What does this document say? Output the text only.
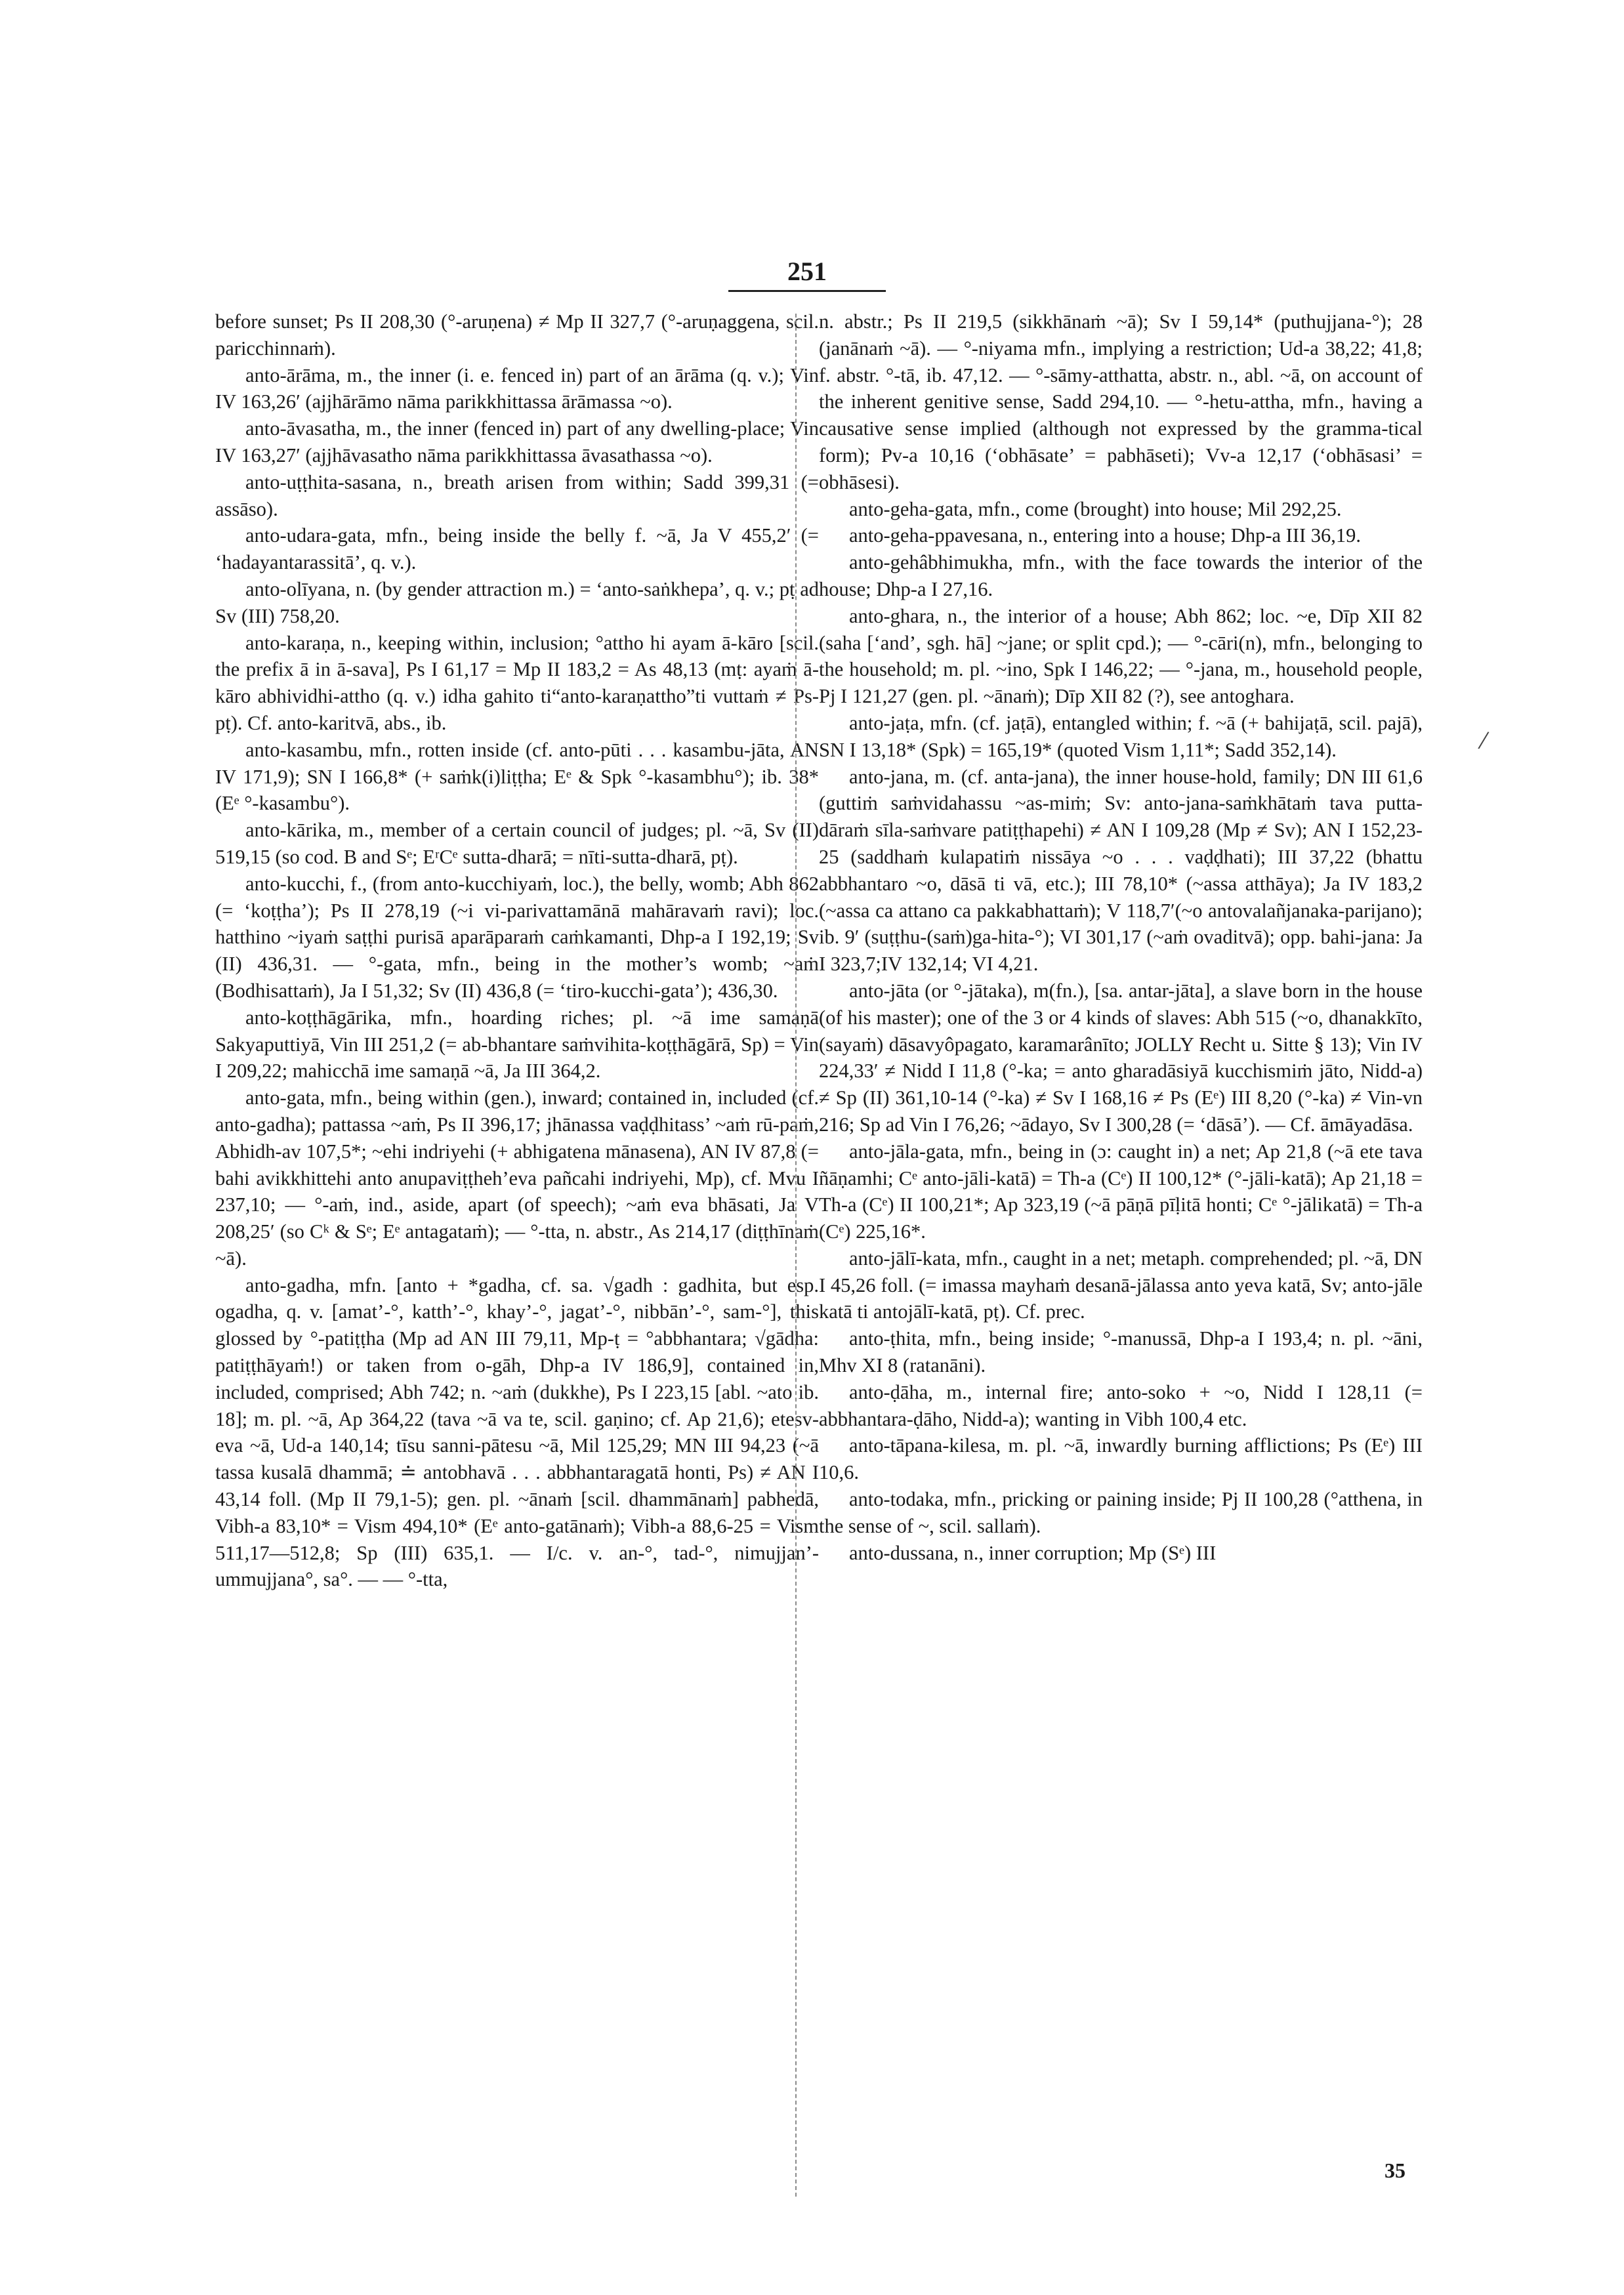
251

before sunset; Ps II 208,30 (°-aruṇena) ≠ Mp II 327,7 (°-aruṇaggena, scil. paricchinnaṁ).

anto-ārāma, m., the inner (i. e. fenced in) part of an ārāma (q. v.); Vin IV 163,26′ (ajjhārāmo nāma parikkhittassa ārāmassa ~o).

anto-āvasatha, m., the inner (fenced in) part of any dwelling-place; Vin IV 163,27′ (ajjhāvasatho nāma parikkhittassa āvasathassa ~o).

anto-uṭṭhita-sasana, n., breath arisen from within; Sadd 399,31 (= assāso).

anto-udara-gata, mfn., being inside the belly f. ~ā, Ja V 455,2′ (= ‘hadayantarassitā’, q. v.).

anto-olīyana, n. (by gender attraction m.) = ‘anto-saṅkhepa’, q. v.; pṭ ad Sv (III) 758,20.

anto-karaṇa, n., keeping within, inclusion; °attho hi ayam ā-kāro [scil. the prefix ā in ā-sava], Ps I 61,17 = Mp II 183,2 = As 48,13 (mṭ: ayaṁ ā-kāro abhividhi-attho (q. v.) idha gahito ti“anto-karaṇattho”ti vuttaṁ ≠ Ps-pṭ). Cf. anto-karitvā, abs., ib.

anto-kasambu, mfn., rotten inside (cf. anto-pūti . . . kasambu-jāta, AN IV 171,9); SN I 166,8* (+ saṁk(i)liṭṭha; Eᵉ & Spk °-kasambhu°); ib. 38* (Eᵉ °-kasambu°).

anto-kārika, m., member of a certain council of judges; pl. ~ā, Sv (II) 519,15 (so cod. B and Sᵉ; EʳCᵉ sutta-dharā; = nīti-sutta-dharā, pṭ).

anto-kucchi, f., (from anto-kucchiyaṁ, loc.), the belly, womb; Abh 862 (= ‘koṭṭha’); Ps II 278,19 (~i vi-parivattamānā mahāravaṁ ravi); loc. hatthino ~iyaṁ saṭṭhi purisā aparāparaṁ caṁkamanti, Dhp-a I 192,19; Sv (II) 436,31. — °-gata, mfn., being in the mother’s womb; ~aṁ (Bodhisattaṁ), Ja I 51,32; Sv (II) 436,8 (= ‘tiro-kucchi-gata’); 436,30.

anto-koṭṭhāgārika, mfn., hoarding riches; pl. ~ā ime samaṇā Sakyaputtiyā, Vin III 251,2 (= ab-bhantare saṁvihita-koṭṭhāgārā, Sp) = Vin I 209,22; mahicchā ime samaṇā ~ā, Ja III 364,2.

anto-gata, mfn., being within (gen.), inward; contained in, included (cf. anto-gadha); pattassa ~aṁ, Ps II 396,17; jhānassa vaḍḍhitass’ ~aṁ rū-paṁ, Abhidh-av 107,5*; ~ehi indriyehi (+ abhigatena mānasena), AN IV 87,8 (= bahi avikkhittehi anto anupaviṭṭheh’eva pañcahi indriyehi, Mp), cf. Mvu I 237,10; — °-aṁ, ind., aside, apart (of speech); ~aṁ eva bhāsati, Ja V 208,25′ (so Cᵏ & Sᵉ; Eᵉ antagataṁ); — °-tta, n. abstr., As 214,17 (diṭṭhīnaṁ ~ā).

anto-gadha, mfn. [anto + *gadha, cf. sa. √gadh : gadhita, but esp. ogadha, q. v. [amat’-°, katth’-°, khay’-°, jagat’-°, nibbān’-°, sam-°], this glossed by °-patiṭṭha (Mp ad AN III 79,11, Mp-ṭ = °abbhantara; √gādha: patiṭṭhāyaṁ!) or taken from o-gāh, Dhp-a IV 186,9], contained in, included, comprised; Abh 742; n. ~aṁ (dukkhe), Ps I 223,15 [abl. ~ato ib. 18]; m. pl. ~ā, Ap 364,22 (tava ~ā va te, scil. gaṇino; cf. Ap 21,6); etesv-eva ~ā, Ud-a 140,14; tīsu sanni-pātesu ~ā, Mil 125,29; MN III 94,23 (~ā tassa kusalā dhammā; ≐ antobhavā . . . abbhantaragatā honti, Ps) ≠ AN I 43,14 foll. (Mp II 79,1-5); gen. pl. ~ānaṁ [scil. dhammānaṁ] pabhedā, Vibh-a 83,10* = Vism 494,10* (Eᵉ anto-gatānaṁ); Vibh-a 88,6-25 = Vism 511,17—512,8; Sp (III) 635,1. — I/c. v. an-°, tad-°, nimujjan’-ummujjana°, sa°. — — °-tta,

n. abstr.; Ps II 219,5 (sikkhānaṁ ~ā); Sv I 59,14* (puthujjana-°); 28 (janānaṁ ~ā). — °-niyama mfn., implying a restriction; Ud-a 38,22; 41,8; f. abstr. °-tā, ib. 47,12. — °-sāmy-atthatta, abstr. n., abl. ~ā, on account of the inherent genitive sense, Sadd 294,10. — °-hetu-attha, mfn., having a causative sense implied (although not expressed by the gramma-tical form); Pv-a 10,16 (‘obhāsate’ = pabhāseti); Vv-a 12,17 (‘obhāsasi’ = obhāsesi).

anto-geha-gata, mfn., come (brought) into house; Mil 292,25.

anto-geha-ppavesana, n., entering into a house; Dhp-a III 36,19.

anto-gehâbhimukha, mfn., with the face towards the interior of the house; Dhp-a I 27,16.

anto-ghara, n., the interior of a house; Abh 862; loc. ~e, Dīp XII 82 (saha [‘and’, sgh. hā] ~jane; or split cpd.); — °-cāri(n), mfn., belonging to the household; m. pl. ~ino, Spk I 146,22; — °-jana, m., household people, Pj I 121,27 (gen. pl. ~ānaṁ); Dīp XII 82 (?), see antoghara.

anto-jaṭa, mfn. (cf. jaṭā), entangled within; f. ~ā (+ bahijaṭā, scil. pajā), SN I 13,18* (Spk) = 165,19* (quoted Vism 1,11*; Sadd 352,14).

anto-jana, m. (cf. anta-jana), the inner house-hold, family; DN III 61,6 (guttiṁ saṁvidahassu ~as-miṁ; Sv: anto-jana-saṁkhātaṁ tava putta-dāraṁ sīla-saṁvare patiṭṭhapehi) ≠ AN I 109,28 (Mp ≠ Sv); AN I 152,23-25 (saddhaṁ kulapatiṁ nissāya ~o . . . vaḍḍhati); III 37,22 (bhattu abbhantaro ~o, dāsā ti vā, etc.); III 78,10* (~assa atthāya); Ja IV 183,2 (~assa ca attano ca pakkabhattaṁ); V 118,7′(~o antovalañjanaka-parijano); ib. 9′ (suṭṭhu-(saṁ)ga-hita-°); VI 301,17 (~aṁ ovaditvā); opp. bahi-jana: Ja I 323,7;IV 132,14; VI 4,21.

anto-jāta (or °-jātaka), m(fn.), [sa. antar-jāta], a slave born in the house (of his master); one of the 3 or 4 kinds of slaves: Abh 515 (~o, dhanakkīto, (sayaṁ) dāsavyôpagato, karamarânīto; JOLLY Recht u. Sitte § 13); Vin IV 224,33′ ≠ Nidd I 11,8 (°-ka; = anto gharadāsiyā kucchismiṁ jāto, Nidd-a) ≠ Sp (II) 361,10-14 (°-ka) ≠ Sv I 168,16 ≠ Ps (Eᵉ) III 8,20 (°-ka) ≠ Vin-vn 216; Sp ad Vin I 76,26; ~ādayo, Sv I 300,28 (= ‘dāsā’). — Cf. āmāyadāsa.

anto-jāla-gata, mfn., being in (ɔ: caught in) a net; Ap 21,8 (~ā ete tava ñāṇamhi; Cᵉ anto-jāli-katā) = Th-a (Cᵉ) II 100,12* (°-jāli-katā); Ap 21,18 = Th-a (Cᵉ) II 100,21*; Ap 323,19 (~ā pāṇā pīḷitā honti; Cᵉ °-jālikatā) = Th-a (Cᵉ) 225,16*.

anto-jālī-kata, mfn., caught in a net; metaph. comprehended; pl. ~ā, DN I 45,26 foll. (= imassa mayhaṁ desanā-jālassa anto yeva katā, Sv; anto-jāle katā ti antojālī-katā, pṭ). Cf. prec.

anto-ṭhita, mfn., being inside; °-manussā, Dhp-a I 193,4; n. pl. ~āni, Mhv XI 8 (ratanāni).

anto-ḍāha, m., internal fire; anto-soko + ~o, Nidd I 128,11 (= abbhantara-ḍāho, Nidd-a); wanting in Vibh 100,4 etc.

anto-tāpana-kilesa, m. pl. ~ā, inwardly burning afflictions; Ps (Eᵉ) III 10,6.

anto-todaka, mfn., pricking or paining inside; Pj II 100,28 (°atthena, in the sense of ~, scil. sallaṁ).

anto-dussana, n., inner corruption; Mp (Sᵉ) III

/
35
